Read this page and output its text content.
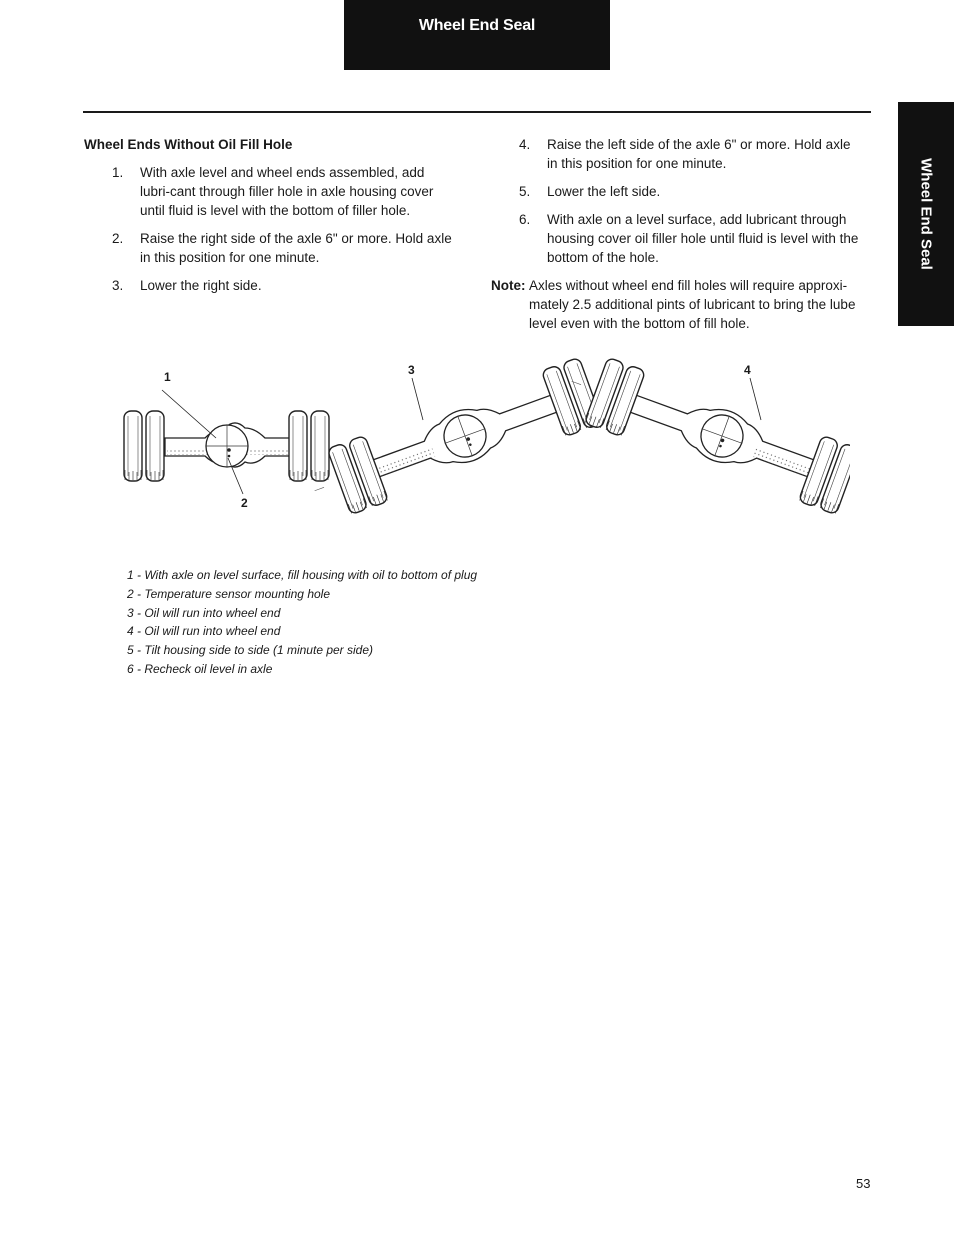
Wheel End Seal
Wheel End Seal
Wheel Ends Without Oil Fill Hole
1. With axle level and wheel ends assembled, add lubri-cant through filler hole in axle housing cover until fluid is level with the bottom of filler hole.
2. Raise the right side of the axle 6" or more. Hold axle in this position for one minute.
3. Lower the right side.
4. Raise the left side of the axle 6" or more. Hold axle in this position for one minute.
5. Lower the left side.
6. With axle on a level surface, add lubricant through housing cover oil filler hole until fluid is level with the bottom of the hole.
Note: Axles without wheel end fill holes will require approxi-mately 2.5 additional pints of lubricant to bring the lube level even with the bottom of fill hole.
1
2
3	4
1 - With axle on level surface, fill housing with oil to bottom of plug
2 - Temperature sensor mounting hole
3 - Oil will run into wheel end
4 - Oil will run into wheel end
5 - Tilt housing side to side (1 minute per side)
6 - Recheck oil level in axle
53
